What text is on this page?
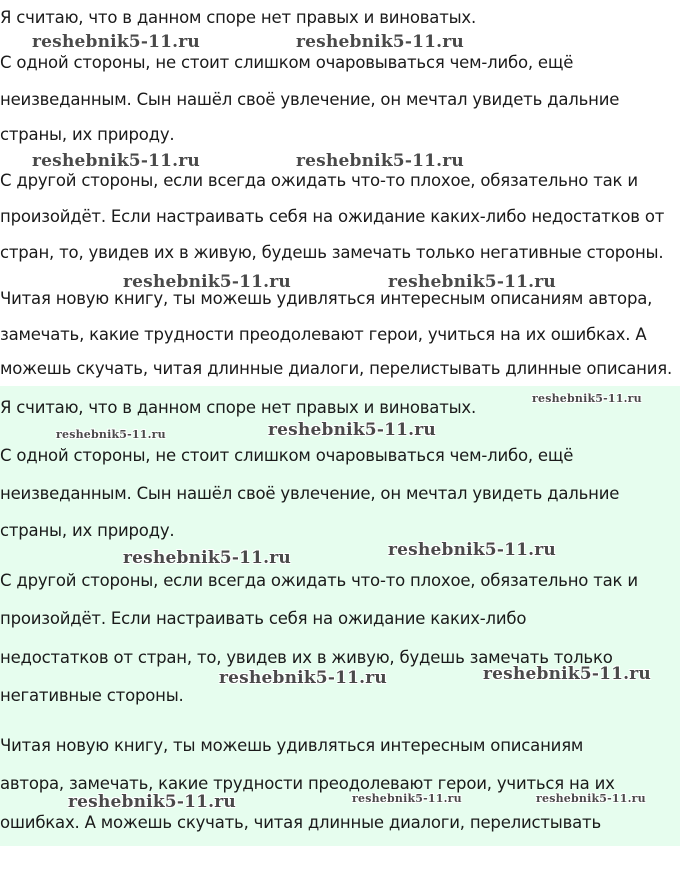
Я считаю, что в данном споре нет правых и виноватых.
С одной стороны, не стоит слишком очаровываться чем-либо, ещё
неизведанным. Сын нашёл своё увлечение, он мечтал увидеть дальние
страны, их природу.
С другой стороны, если всегда ожидать что-то плохое, обязательно так и
произойдёт. Если настраивать себя на ожидание каких-либо недостатков от
стран, то, увидев их в живую, будешь замечать только негативные стороны.
Читая новую книгу, ты можешь удивляться интересным описаниям автора,
замечать, какие трудности преодолевают герои, учиться на их ошибках. А
можешь скучать, читая длинные диалоги, перелистывать длинные описания.
Я считаю, что в данном споре нет правых и виноватых.
С одной стороны, не стоит слишком очаровываться чем-либо, ещё
неизведанным. Сын нашёл своё увлечение, он мечтал увидеть дальние
страны, их природу.
С другой стороны, если всегда ожидать что-то плохое, обязательно так и
произойдёт. Если настраивать себя на ожидание каких-либо
недостатков от стран, то, увидев их в живую, будешь замечать только
негативные стороны.
Читая новую книгу, ты можешь удивляться интересным описаниям
автора, замечать, какие трудности преодолевают герои, учиться на их
ошибках. А можешь скучать, читая длинные диалоги, перелистывать
reshebnik5-11.ru	reshebnik5-11.ru
reshebnik5-11.ru	reshebnik5-11.ru
reshebnik5-11.ru	reshebnik5-11.ru
reshebnik5-11.ru
reshebnik5-11.ru	reshebnik5-11.ru
reshebnik5-11.ru	reshebnik5-11.ru
reshebnik5-11.ru	reshebnik5-11.ru
reshebnik5-11.ru	reshebnik5-11.ru	reshebnik5-11.ru
